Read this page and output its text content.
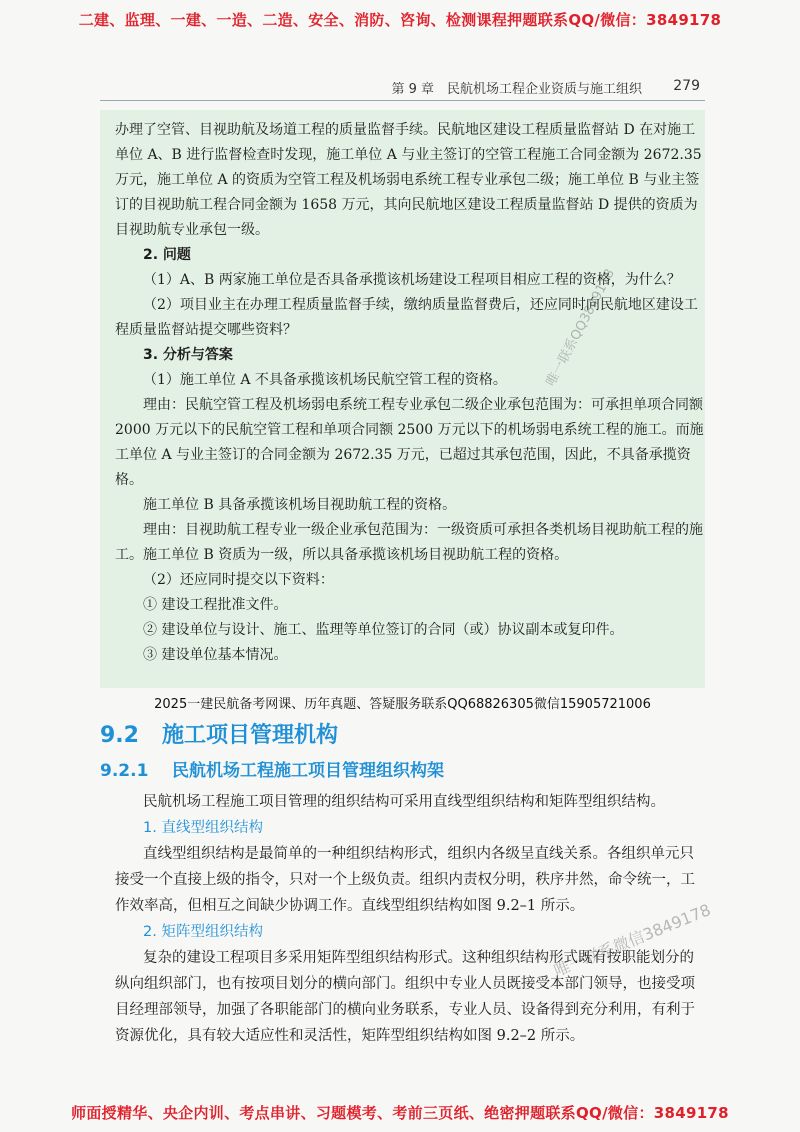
二建、监理、一建、一造、二造、安全、消防、咨询、检测课程押题联系QQ/微信：3849178
第 9 章　民航机场工程企业资质与施工组织 279

办理了空管、目视助航及场道工程的质量监督手续。民航地区建设工程质量监督站 D 在对施工单位 A、B 进行监督检查时发现，施工单位 A 与业主签订的空管工程施工合同金额为 2672.35 万元，施工单位 A 的资质为空管工程及机场弱电系统工程专业承包二级；施工单位 B 与业主签订的目视助航工程合同金额为 1658 万元，其向民航地区建设工程质量监督站 D 提供的资质为目视助航专业承包一级。

2. 问题

（1）A、B 两家施工单位是否具备承揽该机场建设工程项目相应工程的资格，为什么？

（2）项目业主在办理工程质量监督手续，缴纳质量监督费后，还应同时向民航地区建设工程质量监督站提交哪些资料？

3. 分析与答案

（1）施工单位 A 不具备承揽该机场民航空管工程的资格。

理由：民航空管工程及机场弱电系统工程专业承包二级企业承包范围为：可承担单项合同额 2000 万元以下的民航空管工程和单项合同额 2500 万元以下的机场弱电系统工程的施工。而施工单位 A 与业主签订的合同金额为 2672.35 万元，已超过其承包范围，因此，不具备承揽资格。

施工单位 B 具备承揽该机场目视助航工程的资格。

理由：目视助航工程专业一级企业承包范围为：一级资质可承担各类机场目视助航工程的施工。施工单位 B 资质为一级，所以具备承揽该机场目视助航工程的资格。

（2）还应同时提交以下资料：

① 建设工程批准文件。

② 建设单位与设计、施工、监理等单位签订的合同（或）协议副本或复印件。

③ 建设单位基本情况。

2025一建民航备考网课、历年真题、答疑服务联系QQ68826305微信15905721006
9.2 施工项目管理机构
9.2.1 民航机场工程施工项目管理组织构架

民航机场工程施工项目管理的组织结构可采用直线型组织结构和矩阵型组织结构。

1. 直线型组织结构

直线型组织结构是最简单的一种组织结构形式，组织内各级呈直线关系。各组织单元只接受一个直接上级的指令，只对一个上级负责。组织内责权分明，秩序井然，命令统一，工作效率高，但相互之间缺少协调工作。直线型组织结构如图 9.2–1 所示。

2. 矩阵型组织结构

复杂的建设工程项目多采用矩阵型组织结构形式。这种组织结构形式既有按职能划分的纵向组织部门，也有按项目划分的横向部门。组织中专业人员既接受本部门领导，也接受项目经理部领导，加强了各职能部门的横向业务联系，专业人员、设备得到充分利用，有利于资源优化，具有较大适应性和灵活性，矩阵型组织结构如图 9.2–2 所示。

唯一联系QQ3849178
唯一联系微信3849178
师面授精华、央企内训、考点串讲、习题模考、考前三页纸、绝密押题联系QQ/微信：3849178
